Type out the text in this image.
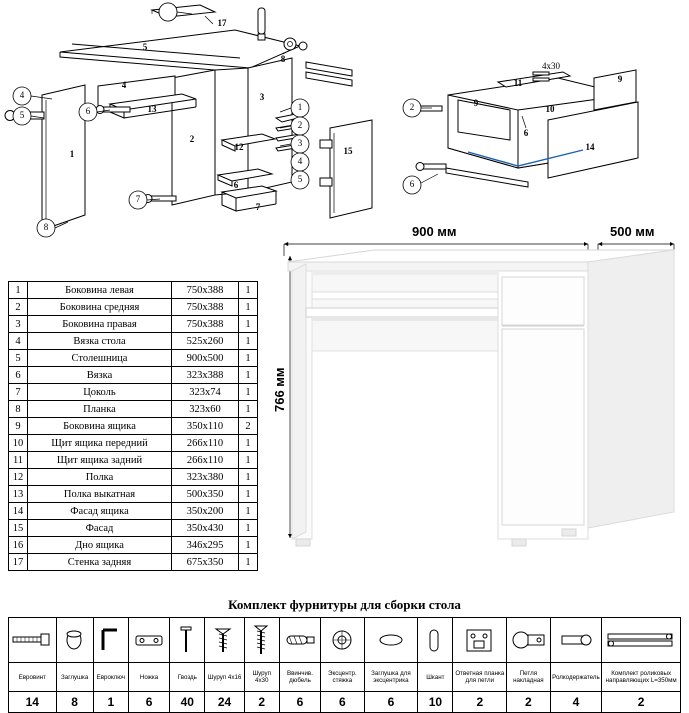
17
4
5	6
7
8
1
2
3
4
5
5
4
13
1
2
3
12
6
7
15
8
4x30
2
6
11
9
9
10
6
14
1	Боковина левая	750x388	1
2	Боковина средняя	750x388	1
3	Боковина правая	750x388	1
4	Вязка стола	525x260	1
5	Столешница	900x500	1
6	Вязка	323x388	1
7	Цоколь	323x74	1
8	Планка	323x60	1
9	Боковина ящика	350x110	2
10	Щит ящика передний	266x110	1
11	Щит ящика задний	266x110	1
12	Полка	323x380	1
13	Полка выкатная	500x350	1
14	Фасад ящика	350x200	1
15	Фасад	350x430	1
16	Дно ящика	346x295	1
17	Стенка задняя	675x350	1
900 мм	500 мм
766 мм
Комплект фурнитуры для сборки стола

Евровинт	Заглушка	Евроключ	Ножка	Гвоздь	Шуруп 4x16	Шуруп 4x30	Ввинчив. дюбель	Эксцентр. стяжка	Заглушка для эксцентрика	Шкант	Ответная планка для петли	Петля накладная	Ролкодержатель	Комплект роликовых направляющих L=350мм
14	8	1	6	40	24	2	6	6	6	10	2	2	4	2
